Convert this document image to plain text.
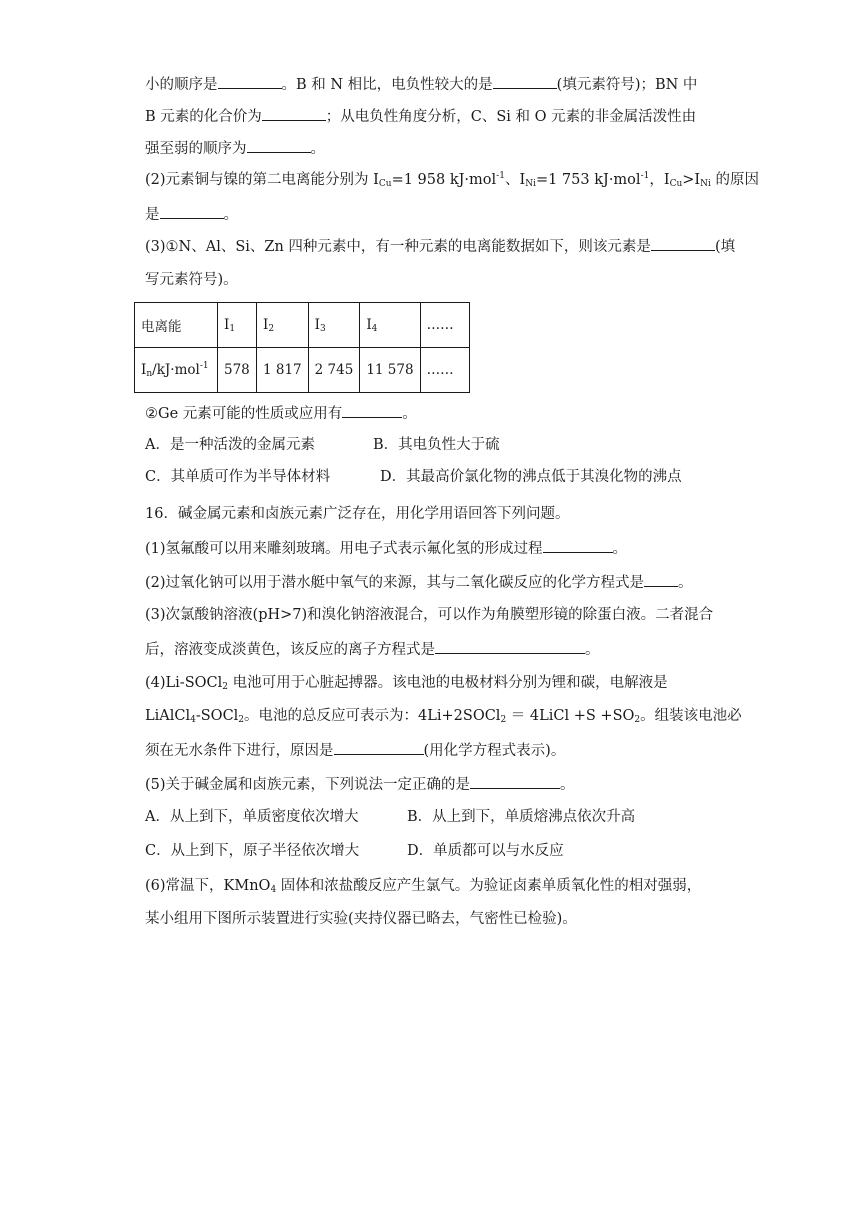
小的顺序是	。B 和 N 相比，电负性较大的是	(填元素符号)；BN 中
B 元素的化合价为	；从电负性角度分析，C、Si 和 O 元素的非金属活泼性由
强至弱的顺序为	。
(2)元素铜与镍的第二电离能分别为 $I_{Cu}=1$ 958 kJ·mol$^{-1}$、$I_{Ni}=1$ 753 kJ·mol$^{-1}$，$I_{Cu}>I_{Ni}$ 的原因
是	。
(3)①N、Al、Si、Zn 四种元素中，有一种元素的电离能数据如下，则该元素是	(填
写元素符号)。
电离能	$I_1$	$I_2$	$I_3$	$I_4$	……
$I_n/kJ\cdot mol^{-1}$	578	1 817	2 745	11 578	……
②Ge 元素可能的性质或应用有	。
A．是一种活泼的金属元素	B．其电负性大于硫
C．其单质可作为半导体材料	D．其最高价氯化物的沸点低于其溴化物的沸点
16．碱金属元素和卤族元素广泛存在，用化学用语回答下列问题。
(1)氢氟酸可以用来雕刻玻璃。用电子式表示氟化氢的形成过程	。
(2)过氧化钠可以用于潜水艇中氧气的来源，其与二氧化碳反应的化学方程式是 。
(3)次氯酸钠溶液(pH>7)和溴化钠溶液混合，可以作为角膜塑形镜的除蛋白液。二者混合
后，溶液变成淡黄色，该反应的离子方程式是	。
(4)Li-SOCl$_2$ 电池可用于心脏起搏器。该电池的电极材料分别为锂和碳，电解液是
LiAlCl$_4$-SOCl$_2$。电池的总反应可表示为：4Li+2SOCl$_2$ ＝ 4LiCl $+S +SO_2$。组装该电池必
须在无水条件下进行，原因是	(用化学方程式表示)。
(5)关于碱金属和卤族元素，下列说法一定正确的是	。
A．从上到下，单质密度依次增大	B．从上到下，单质熔沸点依次升高
C．从上到下，原子半径依次增大	D．单质都可以与水反应
(6)常温下，KMnO$_4$ 固体和浓盐酸反应产生氯气。为验证卤素单质氧化性的相对强弱，
某小组用下图所示装置进行实验(夹持仪器已略去，气密性已检验)。
